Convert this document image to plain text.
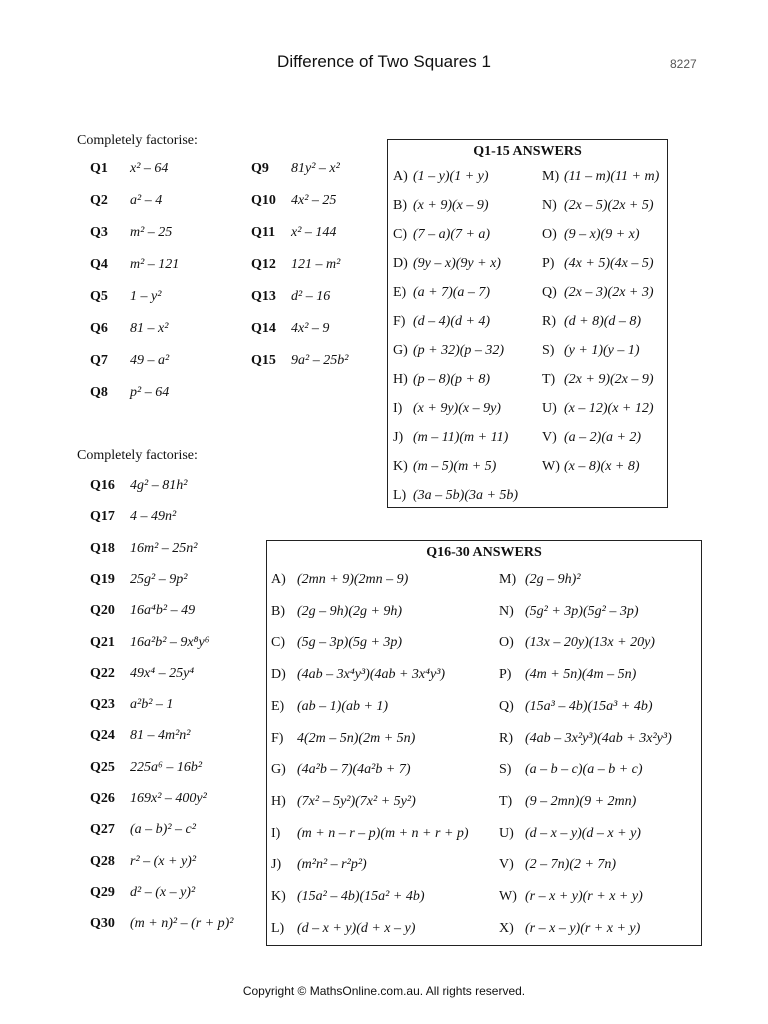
Difference of Two Squares 1	8227
Completely factorise:
Q1 x² – 64
Q2 a² – 4
Q3 m² – 25
Q4 m² – 121
Q5 1 – y²
Q6 81 – x²
Q7 49 – a²
Q8 p² – 64
Q9 81y² – x²
Q10 4x² – 25
Q11 x² – 144
Q12 121 – m²
Q13 d² – 16
Q14 4x² – 9
Q15 9a² – 25b²
Q1-15 ANSWERS
A) (1 – y)(1 + y)
B) (x + 9)(x – 9)
C) (7 – a)(7 + a)
D) (9y – x)(9y + x)
E) (a + 7)(a – 7)
F) (d – 4)(d + 4)
G) (p + 32)(p – 32)
H) (p – 8)(p + 8)
I) (x + 9y)(x – 9y)
J) (m – 11)(m + 11)
K) (m – 5)(m + 5)
L) (3a – 5b)(3a + 5b)
M) (11 – m)(11 + m)
N) (2x – 5)(2x + 5)
O) (9 – x)(9 + x)
P) (4x + 5)(4x – 5)
Q) (2x – 3)(2x + 3)
R) (d + 8)(d – 8)
S) (y + 1)(y – 1)
T) (2x + 9)(2x – 9)
U) (x – 12)(x + 12)
V) (a – 2)(a + 2)
W) (x – 8)(x + 8)
Completely factorise:
Q16 4g² – 81h²
Q17 4 – 49n²
Q18 16m² – 25n²
Q19 25g² – 9p²
Q20 16a⁴b² – 49
Q21 16a²b² – 9x⁸y⁶
Q22 49x⁴ – 25y⁴
Q23 a²b² – 1
Q24 81 – 4m²n²
Q25 225a⁶ – 16b²
Q26 169x² – 400y²
Q27 (a – b)² – c²
Q28 r² – (x + y)²
Q29 d² – (x – y)²
Q30 (m + n)² – (r + p)²
Q16-30 ANSWERS
A) (2mn + 9)(2mn – 9)
B) (2g – 9h)(2g + 9h)
C) (5g – 3p)(5g + 3p)
D) (4ab – 3x⁴y³)(4ab + 3x⁴y³)
E) (ab – 1)(ab + 1)
F) 4(2m – 5n)(2m + 5n)
G) (4a²b – 7)(4a²b + 7)
H) (7x² – 5y²)(7x² + 5y²)
I) (m + n – r – p)(m + n + r + p)
J) (m²n² – r²p²)
K) (15a² – 4b)(15a² + 4b)
L) (d – x + y)(d + x – y)
M) (2g – 9h)²
N) (5g² + 3p)(5g² – 3p)
O) (13x – 20y)(13x + 20y)
P) (4m + 5n)(4m – 5n)
Q) (15a³ – 4b)(15a³ + 4b)
R) (4ab – 3x²y³)(4ab + 3x²y³)
S) (a – b – c)(a – b + c)
T) (9 – 2mn)(9 + 2mn)
U) (d – x – y)(d – x + y)
V) (2 – 7n)(2 + 7n)
W) (r – x + y)(r + x + y)
X) (r – x – y)(r + x + y)
Copyright © MathsOnline.com.au. All rights reserved.
